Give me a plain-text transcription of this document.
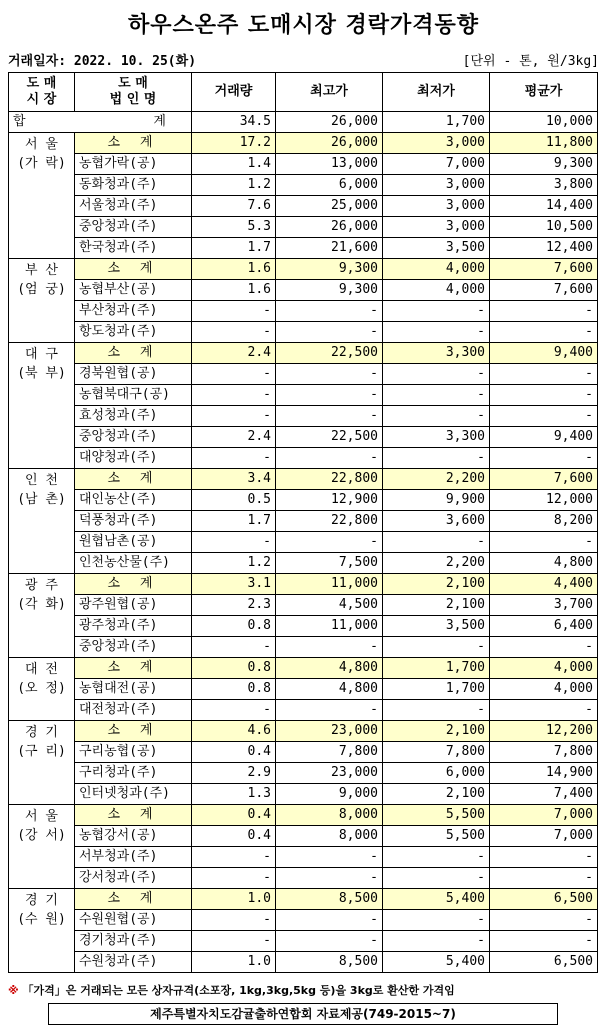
하우스온주 도매시장 경락가격동향
거래일자: 2022. 10. 25(화)	[단위 - 톤, 원/3kg]
도 매
시 장	도 매
법 인 명	거래량	최고가	최저가	평균가
합 계		34.5	26,000	1,700	10,000

서 울
(가 락)	소 계	17.2	26,000	3,000	11,800
	농협가락(공)	1.4	13,000	7,000	9,300
	동화청과(주)	1.2	6,000	3,000	3,800
	서울청과(주)	7.6	25,000	3,000	14,400
	중앙청과(주)	5.3	26,000	3,000	10,500
	한국청과(주)	1.7	21,600	3,500	12,400

부 산
(엄 궁)	소 계	1.6	9,300	4,000	7,600
	농협부산(공)	1.6	9,300	4,000	7,600
	부산청과(주)	-	-	-	-
	항도청과(주)	-	-	-	-

대 구
(북 부)	소 계	2.4	22,500	3,300	9,400
	경북원협(공)	-	-	-	-
	농협북대구(공)	-	-	-	-
	효성청과(주)	-	-	-	-
	중앙청과(주)	2.4	22,500	3,300	9,400
	대양청과(주)	-	-	-	-

인 천
(남 촌)	소 계	3.4	22,800	2,200	7,600
	대인농산(주)	0.5	12,900	9,900	12,000
	덕풍청과(주)	1.7	22,800	3,600	8,200
	원협남촌(공)	-	-	-	-
	인천농산물(주)	1.2	7,500	2,200	4,800

광 주
(각 화)	소 계	3.1	11,000	2,100	4,400
	광주원협(공)	2.3	4,500	2,100	3,700
	광주청과(주)	0.8	11,000	3,500	6,400
	중앙청과(주)	-	-	-	-

대 전
(오 정)	소 계	0.8	4,800	1,700	4,000
	농협대전(공)	0.8	4,800	1,700	4,000
	대전청과(주)	-	-	-	-

경 기
(구 리)	소 계	4.6	23,000	2,100	12,200
	구리농협(공)	0.4	7,800	7,800	7,800
	구리청과(주)	2.9	23,000	6,000	14,900
	인터넷청과(주)	1.3	9,000	2,100	7,400

서 울
(강 서)	소 계	0.4	8,000	5,500	7,000
	농협강서(공)	0.4	8,000	5,500	7,000
	서부청과(주)	-	-	-	-
	강서청과(주)	-	-	-	-

경 기
(수 원)	소 계	1.0	8,500	5,400	6,500
	수원원협(공)	-	-	-	-
	경기청과(주)	-	-	-	-
	수원청과(주)	1.0	8,500	5,400	6,500
※ 「가격」은 거래되는 모든 상자규격(소포장, 1kg,3kg,5kg 등)을 3kg로 환산한 가격임
제주특별자치도감귤출하연합회 자료제공(749-2015~7)
